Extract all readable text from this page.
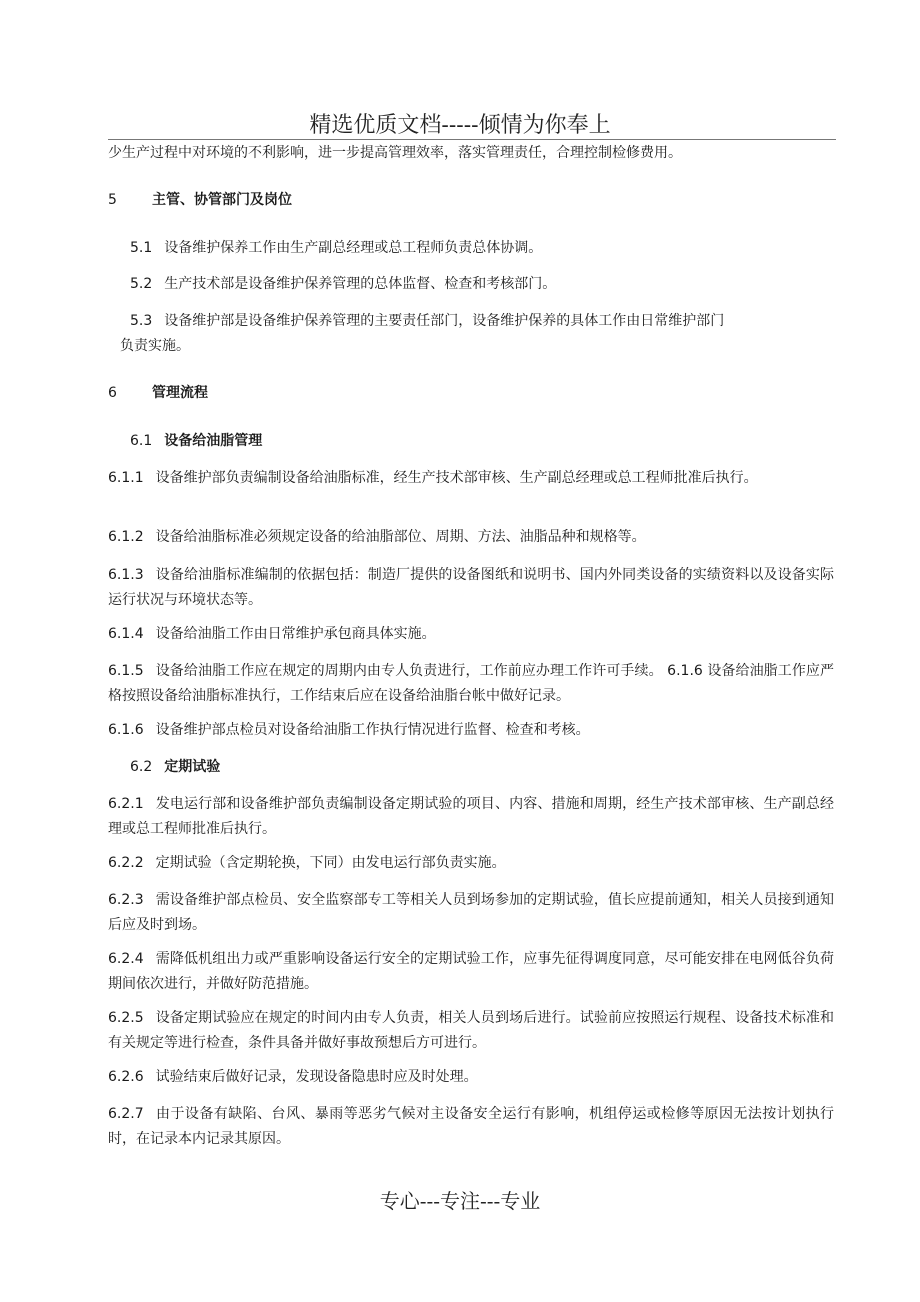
精选优质文档-----倾情为你奉上

少生产过程中对环境的不利影响，进一步提高管理效率，落实管理责任，合理控制检修费用。

5	主管、协管部门及岗位

5.1 设备维护保养工作由生产副总经理或总工程师负责总体协调。

5.2 生产技术部是设备维护保养管理的总体监督、检查和考核部门。

5.3 设备维护部是设备维护保养管理的主要责任部门，设备维护保养的具体工作由日常维护部门
负责实施。

6	管理流程

6.1 设备给油脂管理

6.1.1 设备维护部负责编制设备给油脂标准，经生产技术部审核、生产副总经理或总工程师批准后执行。

6.1.2 设备给油脂标准必须规定设备的给油脂部位、周期、方法、油脂品种和规格等。

6.1.3 设备给油脂标准编制的依据包括：制造厂提供的设备图纸和说明书、国内外同类设备的实绩资料以及设备实际运行状况与环境状态等。

6.1.4 设备给油脂工作由日常维护承包商具体实施。

6.1.5 设备给油脂工作应在规定的周期内由专人负责进行，工作前应办理工作许可手续。 6.1.6 设备给油脂工作应严格按照设备给油脂标准执行，工作结束后应在设备给油脂台帐中做好记录。

6.1.6 设备维护部点检员对设备给油脂工作执行情况进行监督、检查和考核。

6.2 定期试验

6.2.1 发电运行部和设备维护部负责编制设备定期试验的项目、内容、措施和周期，经生产技术部审核、生产副总经理或总工程师批准后执行。

6.2.2 定期试验（含定期轮换，下同）由发电运行部负责实施。

6.2.3 需设备维护部点检员、安全监察部专工等相关人员到场参加的定期试验，值长应提前通知，相关人员接到通知后应及时到场。

6.2.4 需降低机组出力或严重影响设备运行安全的定期试验工作，应事先征得调度同意，尽可能安排在电网低谷负荷期间依次进行，并做好防范措施。

6.2.5 设备定期试验应在规定的时间内由专人负责，相关人员到场后进行。试验前应按照运行规程、设备技术标准和有关规定等进行检查，条件具备并做好事故预想后方可进行。

6.2.6 试验结束后做好记录，发现设备隐患时应及时处理。

6.2.7 由于设备有缺陷、台风、暴雨等恶劣气候对主设备安全运行有影响，机组停运或检修等原因无法按计划执行时，在记录本内记录其原因。

专心---专注---专业
